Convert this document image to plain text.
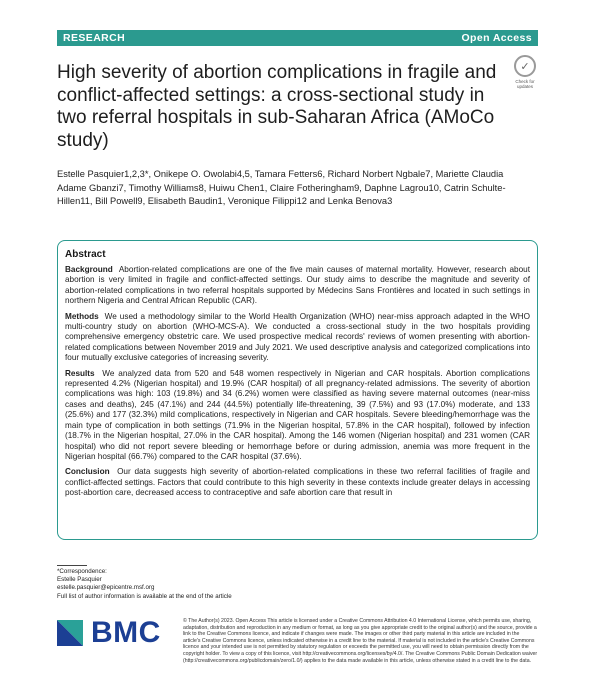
RESEARCH	Open Access
High severity of abortion complications in fragile and conflict-affected settings: a cross-sectional study in two referral hospitals in sub-Saharan Africa (AMoCo study)
✓
Check for updates
Estelle Pasquier1,2,3*, Onikepe O. Owolabi4,5, Tamara Fetters6, Richard Norbert Ngbale7, Mariette Claudia Adame Gbanzi7, Timothy Williams8, Huiwu Chen1, Claire Fotheringham9, Daphne Lagrou10, Catrin Schulte-Hillen11, Bill Powell9, Elisabeth Baudin1, Veronique Filippi12 and Lenka Benova3
Abstract

Background Abortion-related complications are one of the five main causes of maternal mortality. However, research about abortion is very limited in fragile and conflict-affected settings. Our study aims to describe the magnitude and severity of abortion-related complications in two referral hospitals supported by Médecins Sans Frontières and located in such settings in northern Nigeria and Central African Republic (CAR).

Methods We used a methodology similar to the World Health Organization (WHO) near-miss approach adapted in the WHO multi-country study on abortion (WHO-MCS-A). We conducted a cross-sectional study in the two hospitals providing comprehensive emergency obstetric care. We used prospective medical records' reviews of women presenting with abortion-related complications between November 2019 and July 2021. We used descriptive analysis and categorized complications into four mutually exclusive categories of increasing severity.

Results We analyzed data from 520 and 548 women respectively in Nigerian and CAR hospitals. Abortion complications represented 4.2% (Nigerian hospital) and 19.9% (CAR hospital) of all pregnancy-related admissions. The severity of abortion complications was high: 103 (19.8%) and 34 (6.2%) women were classified as having severe maternal outcomes (near-miss cases and deaths), 245 (47.1%) and 244 (44.5%) potentially life-threatening, 39 (7.5%) and 93 (17.0%) moderate, and 133 (25.6%) and 177 (32.3%) mild complications, respectively in Nigerian and CAR hospitals. Severe bleeding/hemorrhage was the main type of complication in both settings (71.9% in the Nigerian hospital, 57.8% in the CAR hospital), followed by infection (18.7% in the Nigerian hospital, 27.0% in the CAR hospital). Among the 146 women (Nigerian hospital) and 231 women (CAR hospital) who did not report severe bleeding or hemorrhage before or during admission, anemia was more frequent in the Nigerian hospital (66.7%) compared to the CAR hospital (37.6%).

Conclusion Our data suggests high severity of abortion-related complications in these two referral facilities of fragile and conflict-affected settings. Factors that could contribute to this high severity in these contexts include greater delays in accessing post-abortion care, decreased access to contraceptive and safe abortion care that result in

*Correspondence:
Estelle Pasquier
estelle.pasquier@epicentre.msf.org
Full list of author information is available at the end of the article
BMC	© The Author(s) 2023. Open Access This article is licensed under a Creative Commons Attribution 4.0 International License, which permits use, sharing, adaptation, distribution and reproduction in any medium or format, as long as you give appropriate credit to the original author(s) and the source, provide a link to the Creative Commons licence, and indicate if changes were made. The images or other third party material in this article are included in the article's Creative Commons licence, unless indicated otherwise in a credit line to the material. If material is not included in the article's Creative Commons licence and your intended use is not permitted by statutory regulation or exceeds the permitted use, you will need to obtain permission directly from the copyright holder. To view a copy of this licence, visit http://creativecommons.org/licenses/by/4.0/. The Creative Commons Public Domain Dedication waiver (http://creativecommons.org/publicdomain/zero/1.0/) applies to the data made available in this article, unless otherwise stated in a credit line to the data.
